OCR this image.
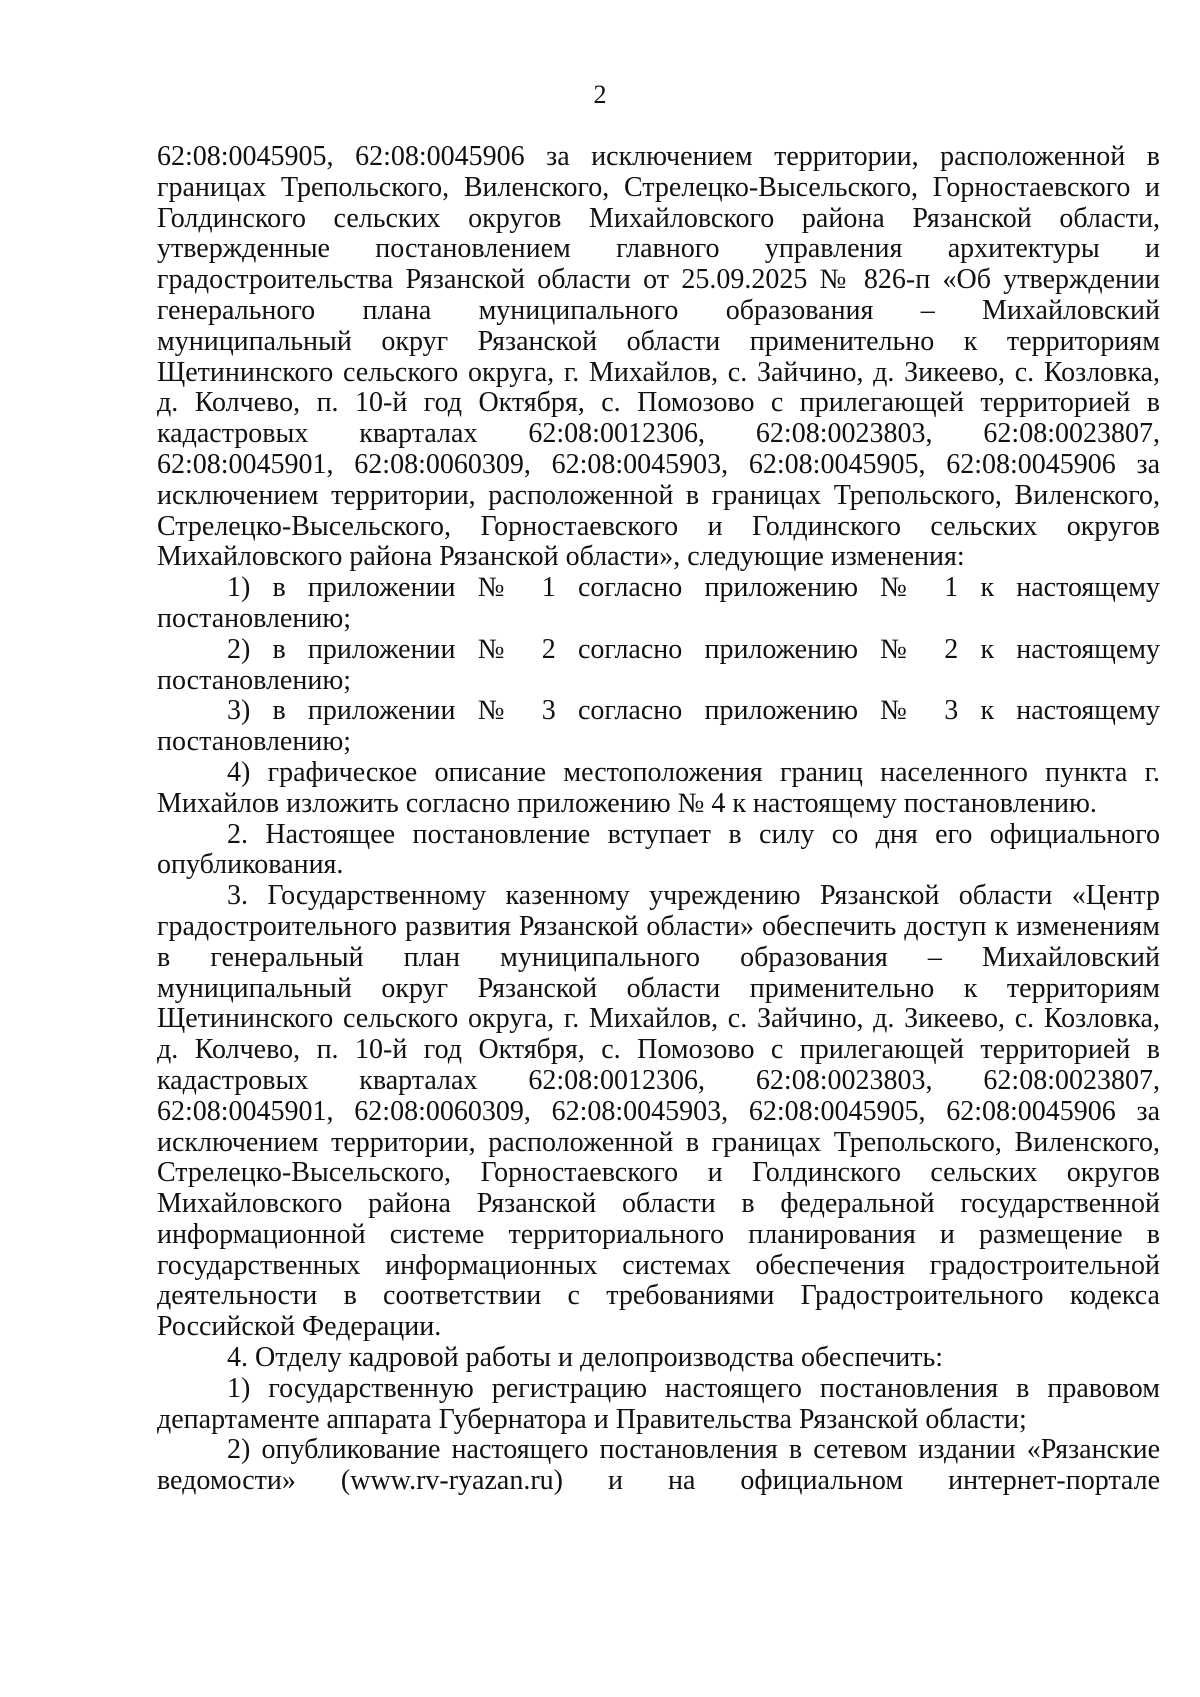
2

62:08:0045905, 62:08:0045906 за исключением территории, расположенной в границах Трепольского, Виленского, Стрелецко-Высельского, Горностаевского и Голдинского сельских округов Михайловского района Рязанской области, утвержденные постановлением главного управления архитектуры и градостроительства Рязанской области от 25.09.2025 № 826-п «Об утверждении генерального плана муниципального образования – Михайловский муниципальный округ Рязанской области применительно к территориям Щетининского сельского округа, г. Михайлов, с. Зайчино, д. Зикеево, с. Козловка, д. Колчево, п. 10-й год Октября, с. Помозово с прилегающей территорией в кадастровых кварталах 62:08:0012306, 62:08:0023803, 62:08:0023807, 62:08:0045901, 62:08:0060309, 62:08:0045903, 62:08:0045905, 62:08:0045906 за исключением территории, расположенной в границах Трепольского, Виленского, Стрелецко-Высельского, Горностаевского и Голдинского сельских округов Михайловского района Рязанской области», следующие изменения:

1) в приложении № 1 согласно приложению № 1 к настоящему постановлению;

2) в приложении № 2 согласно приложению № 2 к настоящему постановлению;

3) в приложении № 3 согласно приложению № 3 к настоящему постановлению;

4) графическое описание местоположения границ населенного пункта г. Михайлов изложить согласно приложению № 4 к настоящему постановлению.

2. Настоящее постановление вступает в силу со дня его официального опубликования.

3. Государственному казенному учреждению Рязанской области «Центр градостроительного развития Рязанской области» обеспечить доступ к изменениям в генеральный план муниципального образования – Михайловский муниципальный округ Рязанской области применительно к территориям Щетининского сельского округа, г. Михайлов, с. Зайчино, д. Зикеево, с. Козловка, д. Колчево, п. 10-й год Октября, с. Помозово с прилегающей территорией в кадастровых кварталах 62:08:0012306, 62:08:0023803, 62:08:0023807, 62:08:0045901, 62:08:0060309, 62:08:0045903, 62:08:0045905, 62:08:0045906 за исключением территории, расположенной в границах Трепольского, Виленского, Стрелецко-Высельского, Горностаевского и Голдинского сельских округов Михайловского района Рязанской области в федеральной государственной информационной системе территориального планирования и размещение в государственных информационных системах обеспечения градостроительной деятельности в соответствии с требованиями Градостроительного кодекса Российской Федерации.

4. Отделу кадровой работы и делопроизводства обеспечить:

1) государственную регистрацию настоящего постановления в правовом департаменте аппарата Губернатора и Правительства Рязанской области;

2) опубликование настоящего постановления в сетевом издании «Рязанские ведомости» (www.rv-ryazan.ru) и на официальном интернет-портале
